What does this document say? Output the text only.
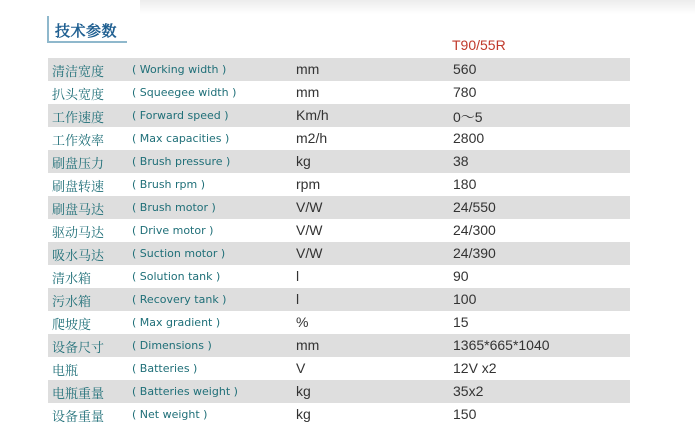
技术参数
T90/55R
清洁宽度	( Working width )	mm	560
扒头宽度	( Squeegee width )	mm	780
工作速度	( Forward speed )	Km/h	0～5
工作效率	( Max capacities )	m2/h	2800
刷盘压力	( Brush pressure )	kg	38
刷盘转速	( Brush rpm )	rpm	180
刷盘马达	( Brush motor )	V/W	24/550
驱动马达	( Drive motor )	V/W	24/300
吸水马达	( Suction motor )	V/W	24/390
清水箱	( Solution tank )	l	90
污水箱	( Recovery tank )	l	100
爬坡度	( Max gradient )	%	15
设备尺寸	( Dimensions )	mm	1365*665*1040
电瓶	( Batteries )	V	12V x2
电瓶重量	( Batteries weight )	kg	35x2
设备重量	( Net weight )	kg	150
